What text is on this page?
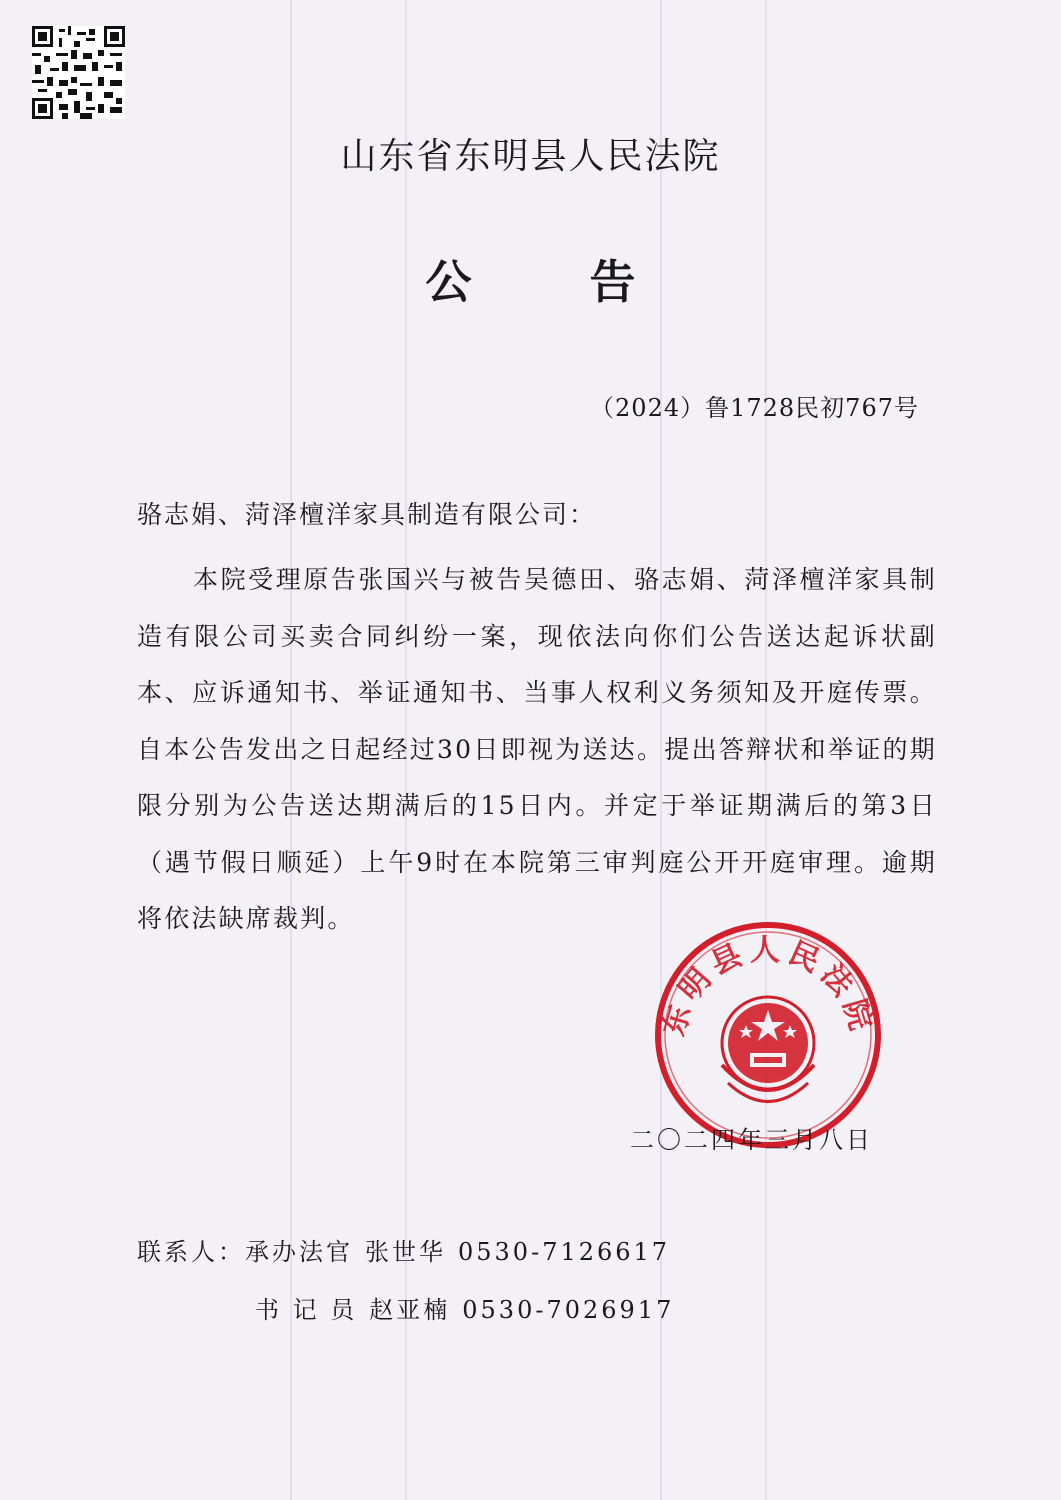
山东省东明县人民法院
公告
（2024）鲁1728民初767号
骆志娟、菏泽檀洋家具制造有限公司：
本院受理原告张国兴与被告吴德田、骆志娟、菏泽檀洋家具制造有限公司买卖合同纠纷一案，现依法向你们公告送达起诉状副本、应诉通知书、举证通知书、当事人权利义务须知及开庭传票。自本公告发出之日起经过30日即视为送达。提出答辩状和举证的期限分别为公告送达期满后的15日内。并定于举证期满后的第3日（遇节假日顺延）上午9时在本院第三审判庭公开开庭审理。逾期将依法缺席裁判。
东明县人民法院
二〇二四年三月八日
联系人：承办法官 张世华 0530-7126617
书 记 员 赵亚楠 0530-7026917
